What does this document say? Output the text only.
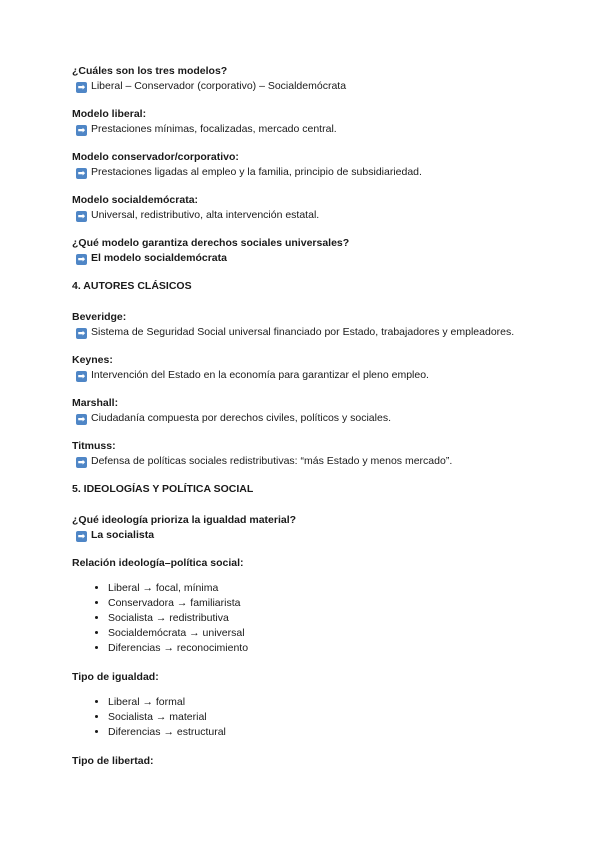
¿Cuáles son los tres modelos?
➡ Liberal – Conservador (corporativo) – Socialdemócrata
Modelo liberal:
➡ Prestaciones mínimas, focalizadas, mercado central.
Modelo conservador/corporativo:
➡ Prestaciones ligadas al empleo y la familia, principio de subsidiariedad.
Modelo socialdemócrata:
➡ Universal, redistributivo, alta intervención estatal.
¿Qué modelo garantiza derechos sociales universales?
➡ El modelo socialdemócrata
4. AUTORES CLÁSICOS
Beveridge:
➡ Sistema de Seguridad Social universal financiado por Estado, trabajadores y empleadores.
Keynes:
➡ Intervención del Estado en la economía para garantizar el pleno empleo.
Marshall:
➡ Ciudadanía compuesta por derechos civiles, políticos y sociales.
Titmuss:
➡ Defensa de políticas sociales redistributivas: “más Estado y menos mercado”.
5. IDEOLOGÍAS Y POLÍTICA SOCIAL
¿Qué ideología prioriza la igualdad material?
➡ La socialista
Relación ideología–política social:
• Liberal → focal, mínima
• Conservadora → familiarista
• Socialista → redistributiva
• Socialdemócrata → universal
• Diferencias → reconocimiento
Tipo de igualdad:
• Liberal → formal
• Socialista → material
• Diferencias → estructural
Tipo de libertad:
